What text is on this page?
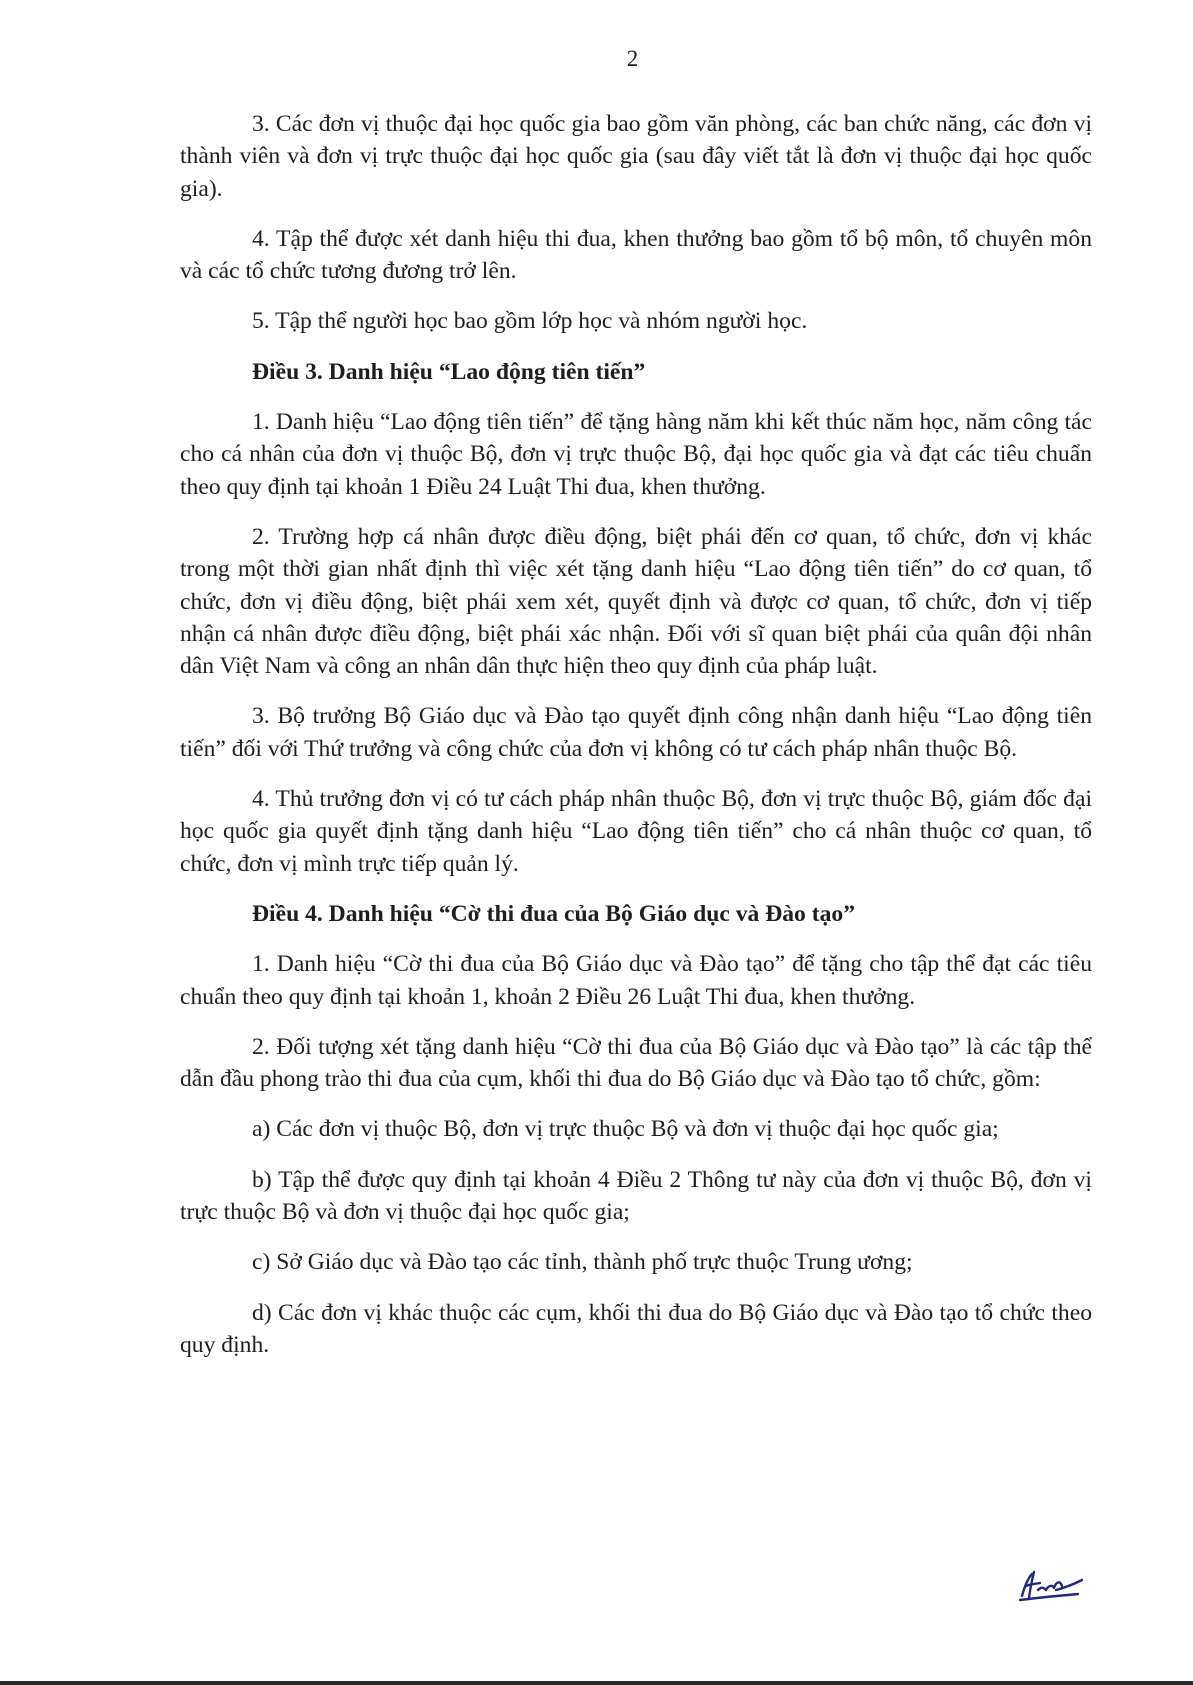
2

3. Các đơn vị thuộc đại học quốc gia bao gồm văn phòng, các ban chức năng, các đơn vị thành viên và đơn vị trực thuộc đại học quốc gia (sau đây viết tắt là đơn vị thuộc đại học quốc gia).

4. Tập thể được xét danh hiệu thi đua, khen thưởng bao gồm tổ bộ môn, tổ chuyên môn và các tổ chức tương đương trở lên.

5. Tập thể người học bao gồm lớp học và nhóm người học.

Điều 3. Danh hiệu “Lao động tiên tiến”

1. Danh hiệu “Lao động tiên tiến” để tặng hàng năm khi kết thúc năm học, năm công tác cho cá nhân của đơn vị thuộc Bộ, đơn vị trực thuộc Bộ, đại học quốc gia và đạt các tiêu chuẩn theo quy định tại khoản 1 Điều 24 Luật Thi đua, khen thưởng.

2. Trường hợp cá nhân được điều động, biệt phái đến cơ quan, tổ chức, đơn vị khác trong một thời gian nhất định thì việc xét tặng danh hiệu “Lao động tiên tiến” do cơ quan, tổ chức, đơn vị điều động, biệt phái xem xét, quyết định và được cơ quan, tổ chức, đơn vị tiếp nhận cá nhân được điều động, biệt phái xác nhận. Đối với sĩ quan biệt phái của quân đội nhân dân Việt Nam và công an nhân dân thực hiện theo quy định của pháp luật.

3. Bộ trưởng Bộ Giáo dục và Đào tạo quyết định công nhận danh hiệu “Lao động tiên tiến” đối với Thứ trưởng và công chức của đơn vị không có tư cách pháp nhân thuộc Bộ.

4. Thủ trưởng đơn vị có tư cách pháp nhân thuộc Bộ, đơn vị trực thuộc Bộ, giám đốc đại học quốc gia quyết định tặng danh hiệu “Lao động tiên tiến” cho cá nhân thuộc cơ quan, tổ chức, đơn vị mình trực tiếp quản lý.

Điều 4. Danh hiệu “Cờ thi đua của Bộ Giáo dục và Đào tạo”

1. Danh hiệu “Cờ thi đua của Bộ Giáo dục và Đào tạo” để tặng cho tập thể đạt các tiêu chuẩn theo quy định tại khoản 1, khoản 2 Điều 26 Luật Thi đua, khen thưởng.

2. Đối tượng xét tặng danh hiệu “Cờ thi đua của Bộ Giáo dục và Đào tạo” là các tập thể dẫn đầu phong trào thi đua của cụm, khối thi đua do Bộ Giáo dục và Đào tạo tổ chức, gồm:

a) Các đơn vị thuộc Bộ, đơn vị trực thuộc Bộ và đơn vị thuộc đại học quốc gia;

b) Tập thể được quy định tại khoản 4 Điều 2 Thông tư này của đơn vị thuộc Bộ, đơn vị trực thuộc Bộ và đơn vị thuộc đại học quốc gia;

c) Sở Giáo dục và Đào tạo các tỉnh, thành phố trực thuộc Trung ương;

d) Các đơn vị khác thuộc các cụm, khối thi đua do Bộ Giáo dục và Đào tạo tổ chức theo quy định.
